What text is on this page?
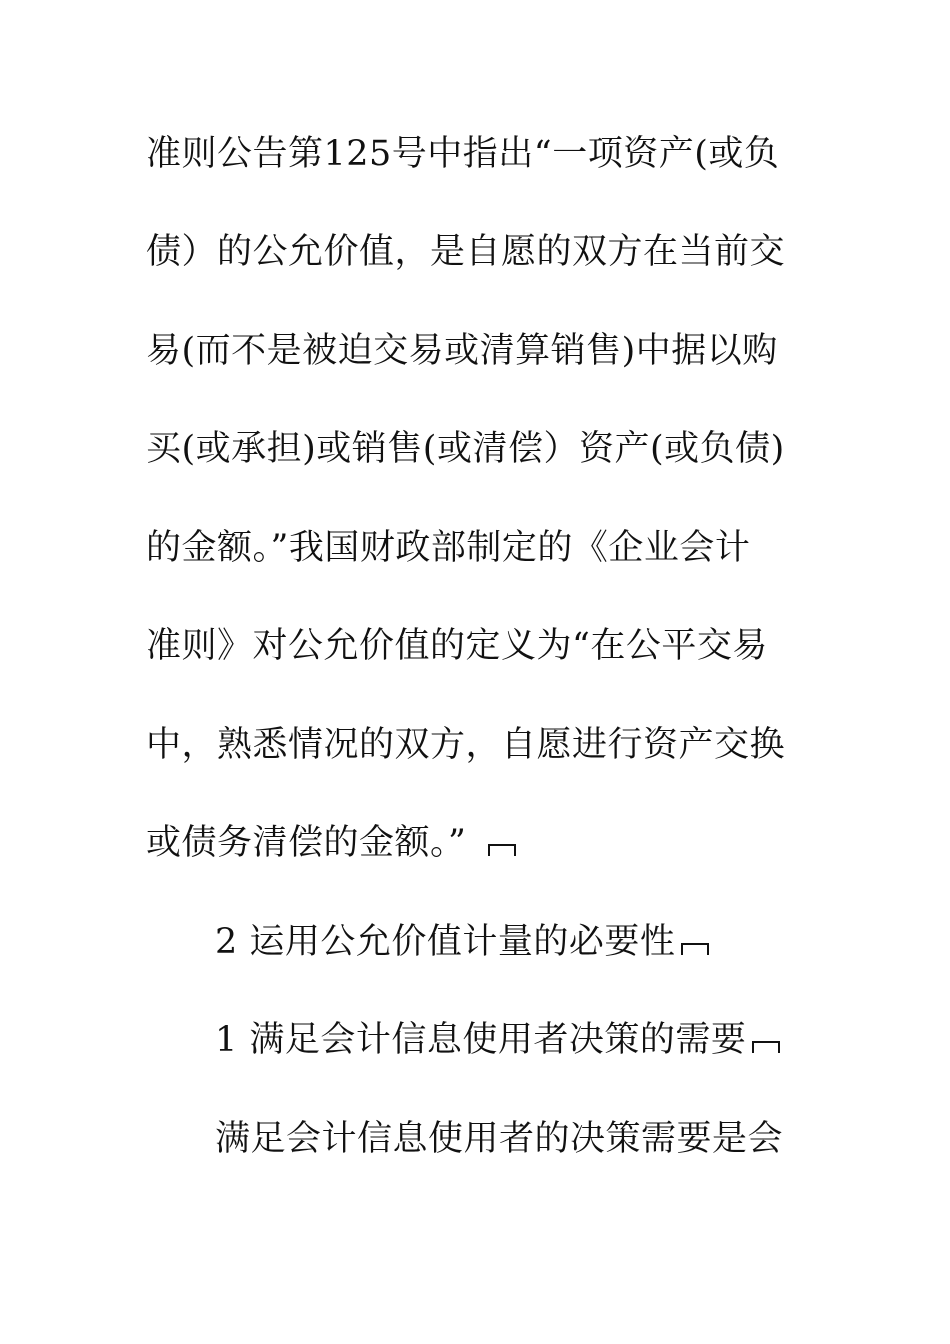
准则公告第125号中指出“一项资产(或负
债）的公允价值，是自愿的双方在当前交
易(而不是被迫交易或清算销售)中据以购
买(或承担)或销售(或清偿）资产(或负债)
的金额。”我国财政部制定的《企业会计
准则》对公允价值的定义为“在公平交易
中，熟悉情况的双方，自愿进行资产交换
或债务清偿的金额。”
2 运用公允价值计量的必要性
1 满足会计信息使用者决策的需要
满足会计信息使用者的决策需要是会
